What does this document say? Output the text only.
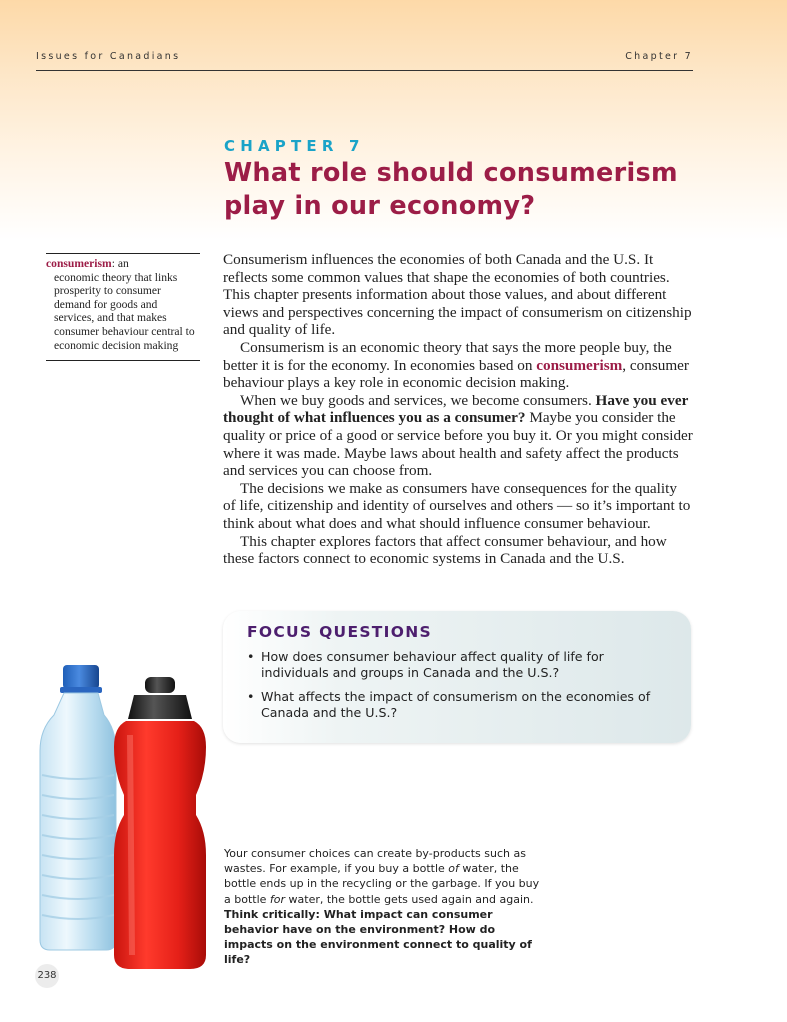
Issues for Canadians	Chapter 7
CHAPTER 7
What role should consumerism
play in our economy?
consumerism: an
economic theory that links prosperity to consumer demand for goods and services, and that makes consumer behaviour central to economic decision making

Consumerism influences the economies of both Canada and the U.S. It reflects some common values that shape the economies of both countries. This chapter presents information about those values, and about different views and perspectives concerning the impact of consumerism on citizenship and quality of life.

Consumerism is an economic theory that says the more people buy, the better it is for the economy. In economies based on consumerism, consumer behaviour plays a key role in economic decision making.

When we buy goods and services, we become consumers. Have you ever thought of what influences you as a consumer? Maybe you consider the quality or price of a good or service before you buy it. Or you might consider where it was made. Maybe laws about health and safety affect the products and services you can choose from.

The decisions we make as consumers have consequences for the quality of life, citizenship and identity of ourselves and others — so it’s important to think about what does and what should influence consumer behaviour.

This chapter explores factors that affect consumer behaviour, and how these factors connect to economic systems in Canada and the U.S.

FOCUS QUESTIONS
• How does consumer behaviour affect quality of life for individuals and groups in Canada and the U.S.?
• What affects the impact of consumerism on the economies of Canada and the U.S.?
Your consumer choices can create by-products such as wastes. For example, if you buy a bottle of water, the bottle ends up in the recycling or the garbage. If you buy a bottle for water, the bottle gets used again and again. Think critically: What impact can consumer behavior have on the environment? How do impacts on the environment connect to quality of life?
238
